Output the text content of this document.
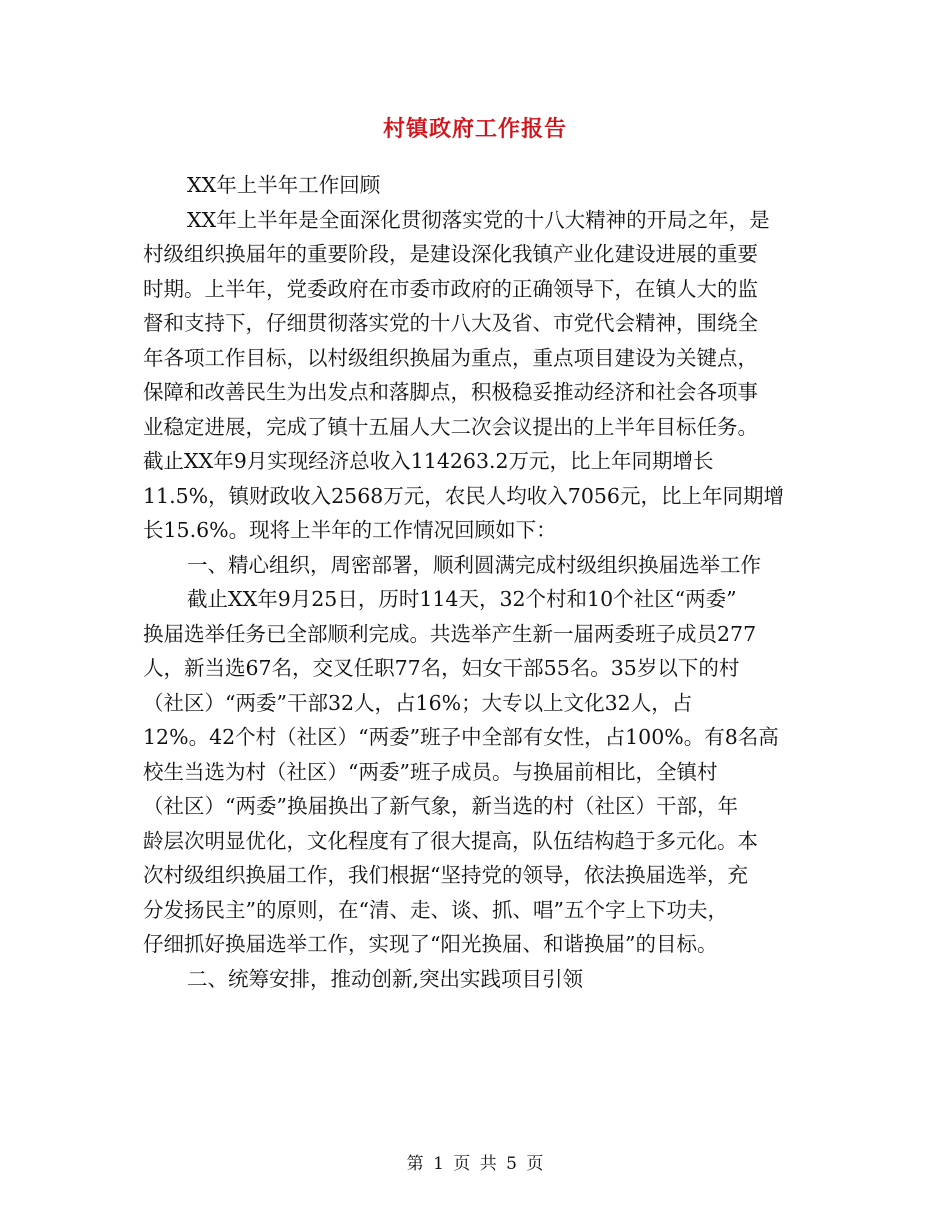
村镇政府工作报告
XX年上半年工作回顾
XX年上半年是全面深化贯彻落实党的十八大精神的开局之年，是
村级组织换届年的重要阶段，是建设深化我镇产业化建设进展的重要
时期。上半年，党委政府在市委市政府的正确领导下，在镇人大的监
督和支持下，仔细贯彻落实党的十八大及省、市党代会精神，围绕全
年各项工作目标，以村级组织换届为重点，重点项目建设为关键点，
保障和改善民生为出发点和落脚点，积极稳妥推动经济和社会各项事
业稳定进展，完成了镇十五届人大二次会议提出的上半年目标任务。
截止XX年9月实现经济总收入114263.2万元，比上年同期增长
11.5%，镇财政收入2568万元，农民人均收入7056元，比上年同期增
长15.6%。现将上半年的工作情况回顾如下：
一、精心组织，周密部署，顺利圆满完成村级组织换届选举工作
截止XX年9月25日，历时114天，32个村和10个社区“两委”
换届选举任务已全部顺利完成。共选举产生新一届两委班子成员277
人，新当选67名，交叉任职77名，妇女干部55名。35岁以下的村
（社区）“两委”干部32人，占16%；大专以上文化32人，占
12%。42个村（社区）“两委”班子中全部有女性，占100%。有8名高
校生当选为村（社区）“两委”班子成员。与换届前相比，全镇村
（社区）“两委”换届换出了新气象，新当选的村（社区）干部，年
龄层次明显优化，文化程度有了很大提高，队伍结构趋于多元化。本
次村级组织换届工作，我们根据“坚持党的领导，依法换届选举，充
分发扬民主”的原则，在“清、走、谈、抓、唱”五个字上下功夫，
仔细抓好换届选举工作，实现了“阳光换届、和谐换届”的目标。
二、统筹安排，推动创新,突出实践项目引领
第 1 页 共 5 页
